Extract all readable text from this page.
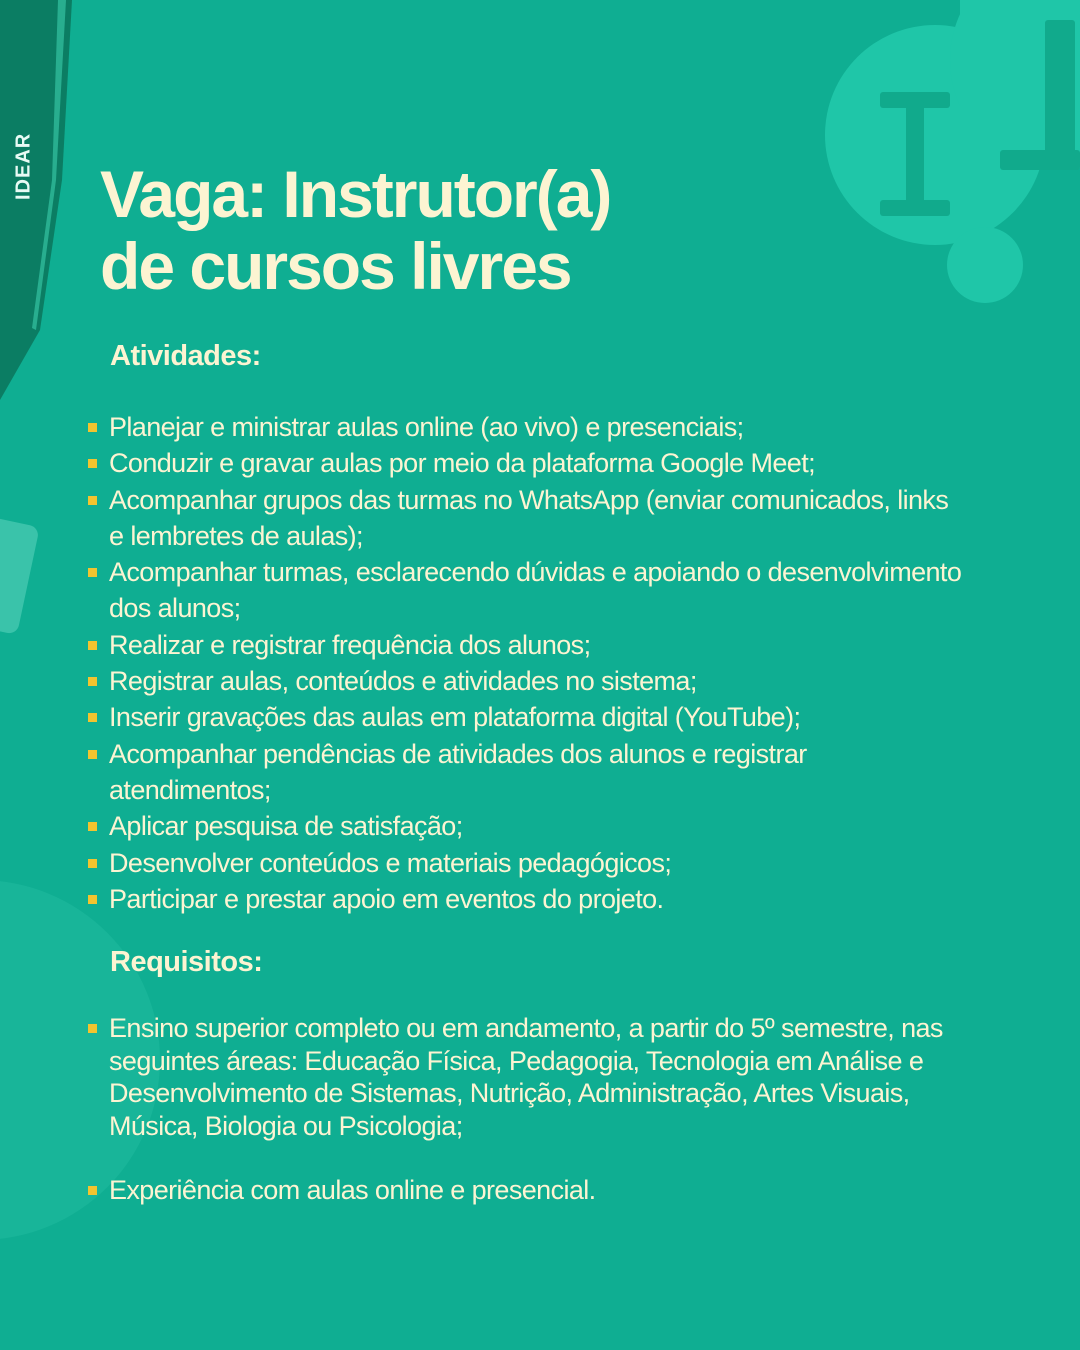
IDEAR Vaga: Instrutor(a)
de cursos livres
Atividades:
Planejar e ministrar aulas online (ao vivo) e presenciais;
Conduzir e gravar aulas por meio da plataforma Google Meet;
Acompanhar grupos das turmas no WhatsApp (enviar comunicados, links e lembretes de aulas);
Acompanhar turmas, esclarecendo dúvidas e apoiando o desenvolvimento dos alunos;
Realizar e registrar frequência dos alunos;
Registrar aulas, conteúdos e atividades no sistema;
Inserir gravações das aulas em plataforma digital (YouTube);
Acompanhar pendências de atividades dos alunos e registrar atendimentos;
Aplicar pesquisa de satisfação;
Desenvolver conteúdos e materiais pedagógicos;
Participar e prestar apoio em eventos do projeto.
Requisitos:
Ensino superior completo ou em andamento, a partir do 5º semestre, nas seguintes áreas: Educação Física, Pedagogia, Tecnologia em Análise e Desenvolvimento de Sistemas, Nutrição, Administração, Artes Visuais, Música, Biologia ou Psicologia;
Experiência com aulas online e presencial.
